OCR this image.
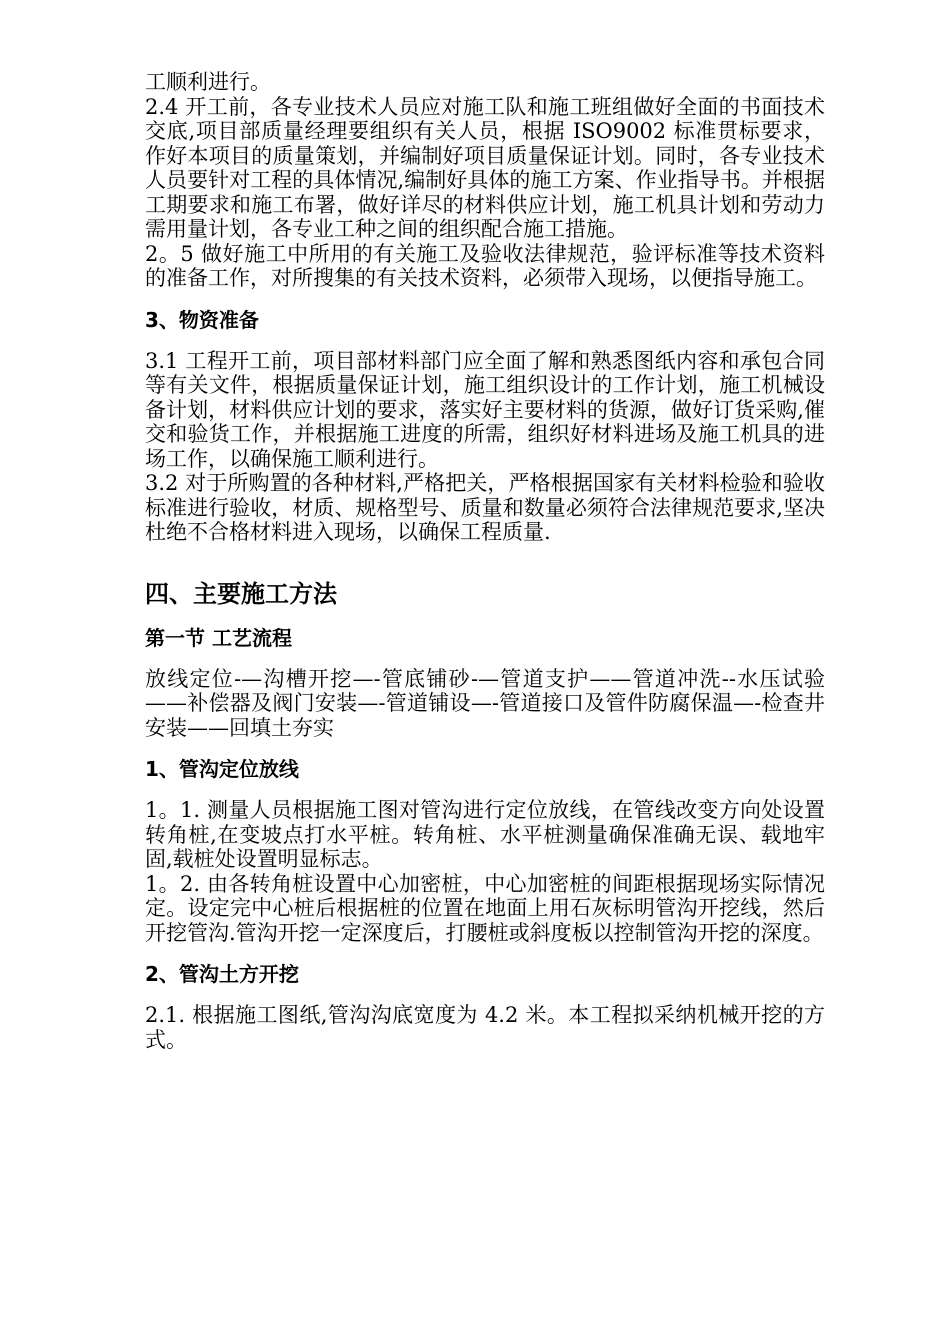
工顺利进行。

2.4 开工前，各专业技术人员应对施工队和施工班组做好全面的书面技术交底,项目部质量经理要组织有关人员，根据 ISO9002 标准贯标要求，作好本项目的质量策划，并编制好项目质量保证计划。同时，各专业技术人员要针对工程的具体情况,编制好具体的施工方案、作业指导书。并根据工期要求和施工布署，做好详尽的材料供应计划，施工机具计划和劳动力需用量计划，各专业工种之间的组织配合施工措施。

2。5 做好施工中所用的有关施工及验收法律规范，验评标准等技术资料的准备工作，对所搜集的有关技术资料，必须带入现场，以便指导施工。

3、物资准备

3.1 工程开工前，项目部材料部门应全面了解和熟悉图纸内容和承包合同等有关文件，根据质量保证计划，施工组织设计的工作计划，施工机械设备计划，材料供应计划的要求，落实好主要材料的货源，做好订货采购,催交和验货工作，并根据施工进度的所需，组织好材料进场及施工机具的进场工作，以确保施工顺利进行。

3.2 对于所购置的各种材料,严格把关，严格根据国家有关材料检验和验收标准进行验收，材质、规格型号、质量和数量必须符合法律规范要求,坚决杜绝不合格材料进入现场，以确保工程质量.

四、主要施工方法

第一节 工艺流程

放线定位-—沟槽开挖—-管底铺砂-—管道支护——管道冲洗--水压试验——补偿器及阀门安装—-管道铺设—-管道接口及管件防腐保温—-检查井安装——回填土夯实

1、管沟定位放线

1。1. 测量人员根据施工图对管沟进行定位放线，在管线改变方向处设置转角桩,在变坡点打水平桩。转角桩、水平桩测量确保准确无误、载地牢固,载桩处设置明显标志。

1。2. 由各转角桩设置中心加密桩，中心加密桩的间距根据现场实际情况定。设定完中心桩后根据桩的位置在地面上用石灰标明管沟开挖线，然后开挖管沟.管沟开挖一定深度后，打腰桩或斜度板以控制管沟开挖的深度。

2、管沟土方开挖

2.1. 根据施工图纸,管沟沟底宽度为 4.2 米。本工程拟采纳机械开挖的方式。
